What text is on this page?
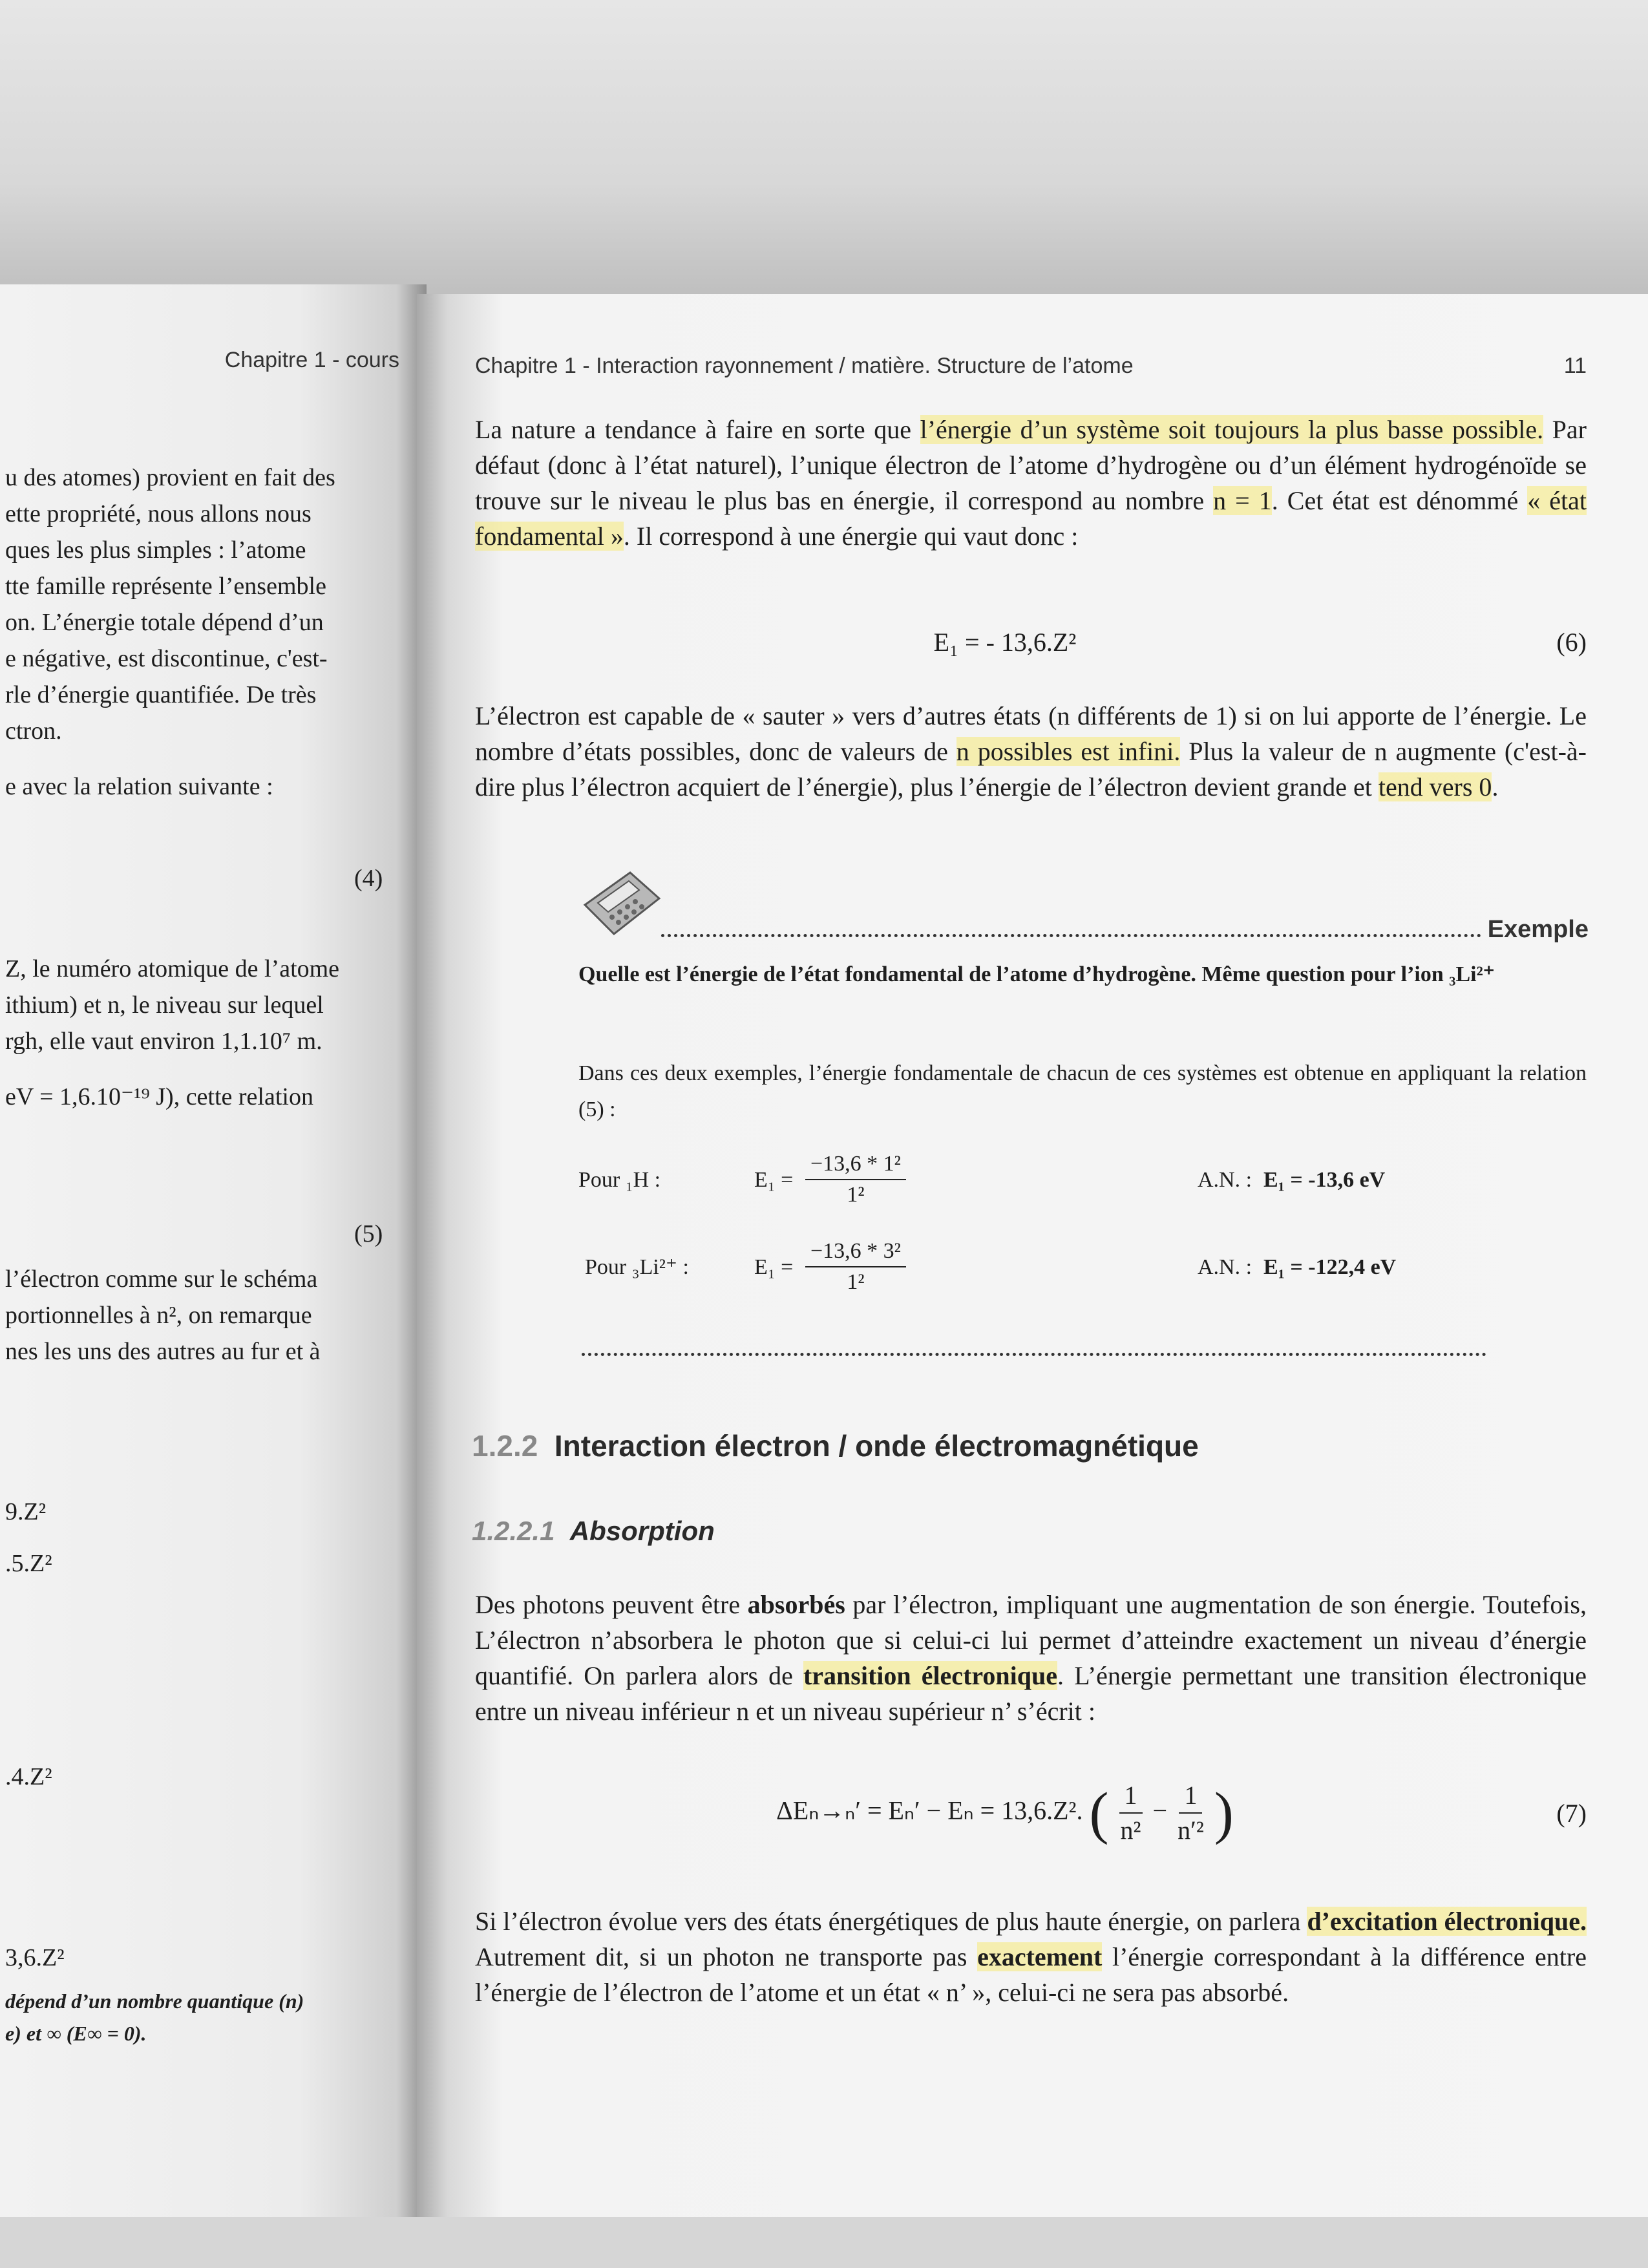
Chapitre 1 - cours
u des atomes) provient en fait des
ette propriété, nous allons nous
ques les plus simples : l’atome
tte famille représente l’ensemble
on. L’énergie totale dépend d’un
e négative, est discontinue, c'est-
rle d’énergie quantifiée. De très
ctron.
e avec la relation suivante :
(4)
Z, le numéro atomique de l’atome
ithium) et n, le niveau sur lequel
rgh, elle vaut environ 1,1.10⁷ m.
eV = 1,6.10⁻¹⁹ J), cette relation
(5)
l’électron comme sur le schéma
portionnelles à n², on remarque
nes les uns des autres au fur et à
9.Z²
.5.Z²
.4.Z²
3,6.Z²
dépend d’un nombre quantique (n)
e) et ∞ (E∞ = 0).
Chapitre 1 - Interaction rayonnement / matière. Structure de l’atome	11
La nature a tendance à faire en sorte que l’énergie d’un système soit toujours la plus basse possible. Par défaut (donc à l’état naturel), l’unique électron de l’atome d’hydrogène ou d’un élément hydrogénoïde se trouve sur le niveau le plus bas en énergie, il correspond au nombre n = 1. Cet état est dénommé « état fondamental ». Il correspond à une énergie qui vaut donc :
E₁ = - 13,6.Z²	(6)
L’électron est capable de « sauter » vers d’autres états (n différents de 1) si on lui apporte de l’énergie. Le nombre d’états possibles, donc de valeurs de n possibles est infini. Plus la valeur de n augmente (c'est-à-dire plus l’électron acquiert de l’énergie), plus l’énergie de l’électron devient grande et tend vers 0.
Exemple
Quelle est l’énergie de l’état fondamental de l’atome d’hydrogène. Même question pour l’ion ₃Li²⁺
Dans ces deux exemples, l’énergie fondamentale de chacun de ces systèmes est obtenue en appliquant la relation (5) :
Pour ₁H :	$E_1 = \frac{\text{−13,6 * 1²}}{\text{1²}}$	A.N. : E₁ = -13,6 eV
Pour ₃Li²⁺ :	$E_1 = \frac{\text{−13,6 * 3²}}{\text{1²}}$	A.N. : E₁ = -122,4 eV
1.2.2 Interaction électron / onde électromagnétique
1.2.2.1 Absorption
Des photons peuvent être absorbés par l’électron, impliquant une augmentation de son énergie. Toutefois, L’électron n’absorbera le photon que si celui-ci lui permet d’atteindre exactement un niveau d’énergie quantifié. On parlera alors de transition électronique. L’énergie permettant une transition électronique entre un niveau inférieur n et un niveau supérieur n’ s’écrit :
ΔEₙ→ₙ′ = Eₙ′ − Eₙ = 13,6.Z². ( $\frac{1}{\text{n²}} - \frac{1}{\text{n′²}}$ )	(7)
Si l’électron évolue vers des états énergétiques de plus haute énergie, on parlera d’excitation électronique. Autrement dit, si un photon ne transporte pas exactement l’énergie correspondant à la différence entre l’énergie de l’électron de l’atome et un état « n’ », celui-ci ne sera pas absorbé.
